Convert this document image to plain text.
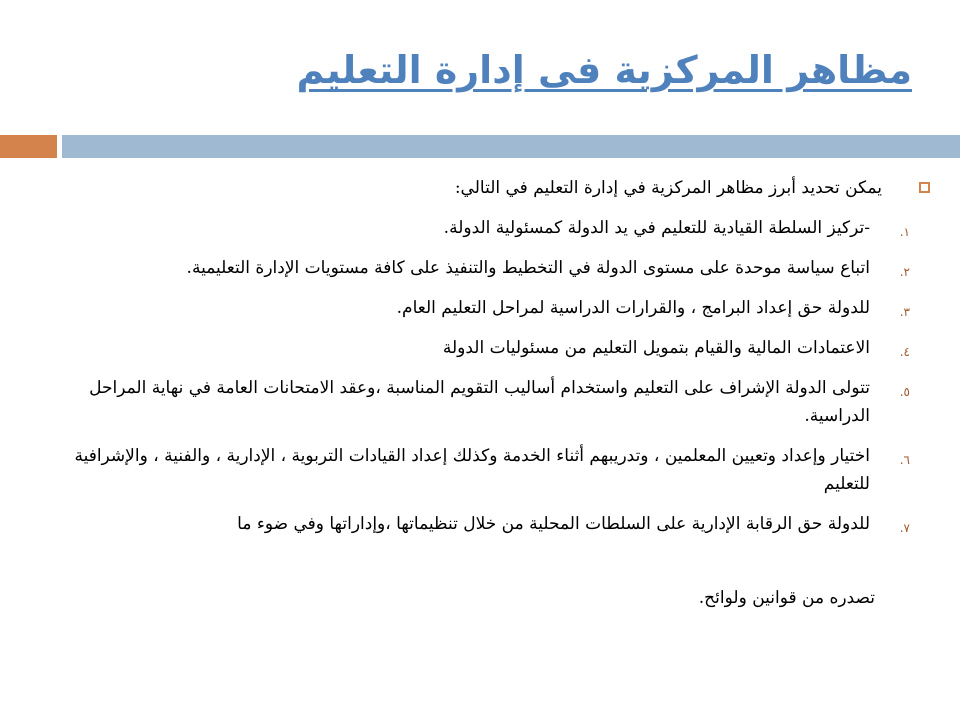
مظاهر المركزية فى إدارة التعليم
يمكن تحديد أبرز مظاهر المركزية في إدارة التعليم في التالي:
١.
-تركيز السلطة القيادية للتعليم في يد الدولة كمسئولية الدولة.
٢.
اتباع سياسة موحدة على مستوى الدولة في التخطيط والتنفيذ على كافة مستويات الإدارة التعليمية.
٣.
للدولة حق إعداد البرامج ، والقرارات الدراسية لمراحل التعليم العام.
٤.
الاعتمادات المالية والقيام بتمويل التعليم من مسئوليات الدولة
٥.
تتولى الدولة الإشراف على التعليم واستخدام أساليب التقويم المناسبة ،وعقد الامتحانات العامة في نهاية المراحل الدراسية.
٦.
اختيار وإعداد وتعيين المعلمين ، وتدريبهم أثناء الخدمة وكذلك إعداد القيادات التربوية ، الإدارية ، والفنية ، والإشرافية للتعليم
٧.
للدولة حق الرقابة الإدارية على السلطات المحلية من خلال تنظيماتها ،وإداراتها وفي ضوء ما
تصدره من قوانين ولوائح.
